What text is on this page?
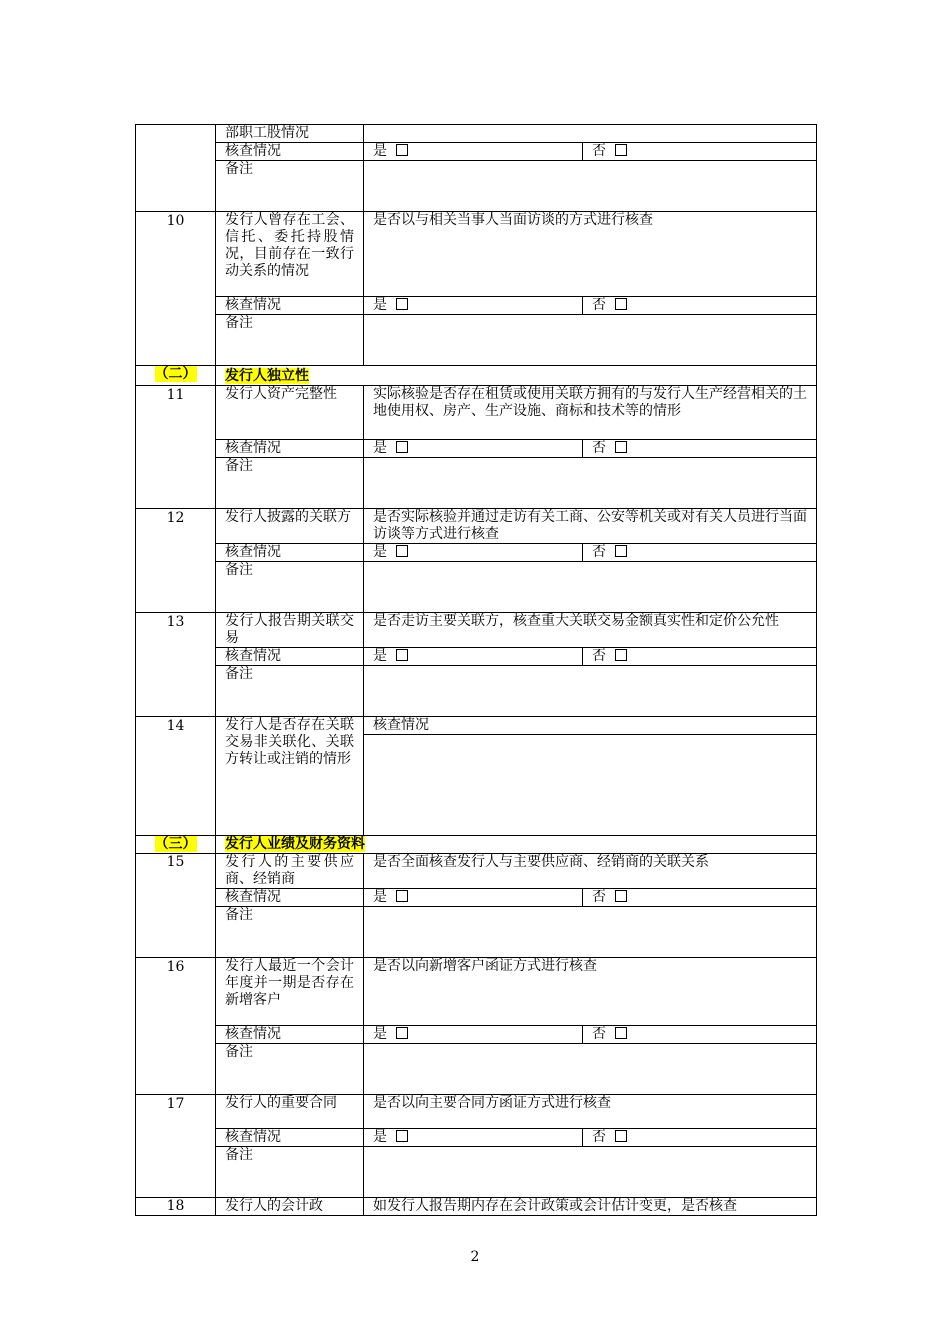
	部职工股情况		
	核查情况	是	否
	备注		
10	发行人曾存在工会、信托、委托持股情况，目前存在一致行动关系的情况	是否以与相关当事人当面访谈的方式进行核查	
	核查情况	是	否
	备注		
（二）	发行人独立性		
11	发行人资产完整性	实际核验是否存在租赁或使用关联方拥有的与发行人生产经营相关的土地使用权、房产、生产设施、商标和技术等的情形	
	核查情况	是	否
	备注		
12	发行人披露的关联方	是否实际核验并通过走访有关工商、公安等机关或对有关人员进行当面访谈等方式进行核查	
	核查情况	是	否
	备注		
13	发行人报告期关联交易	是否走访主要关联方，核查重大关联交易金额真实性和定价公允性	
	核查情况	是	否
	备注		
14	发行人是否存在关联交易非关联化、关联方转让或注销的情形	核查情况	

（三）	发行人业绩及财务资料		
15	发行人的主要供应商、经销商	是否全面核查发行人与主要供应商、经销商的关联关系	
	核查情况	是	否
	备注		
16	发行人最近一个会计年度并一期是否存在新增客户	是否以向新增客户函证方式进行核查	
	核查情况	是	否
	备注		
17	发行人的重要合同	是否以向主要合同方函证方式进行核查	
	核查情况	是	否
	备注		
18	发行人的会计政	如发行人报告期内存在会计政策或会计估计变更，是否核查	
2
